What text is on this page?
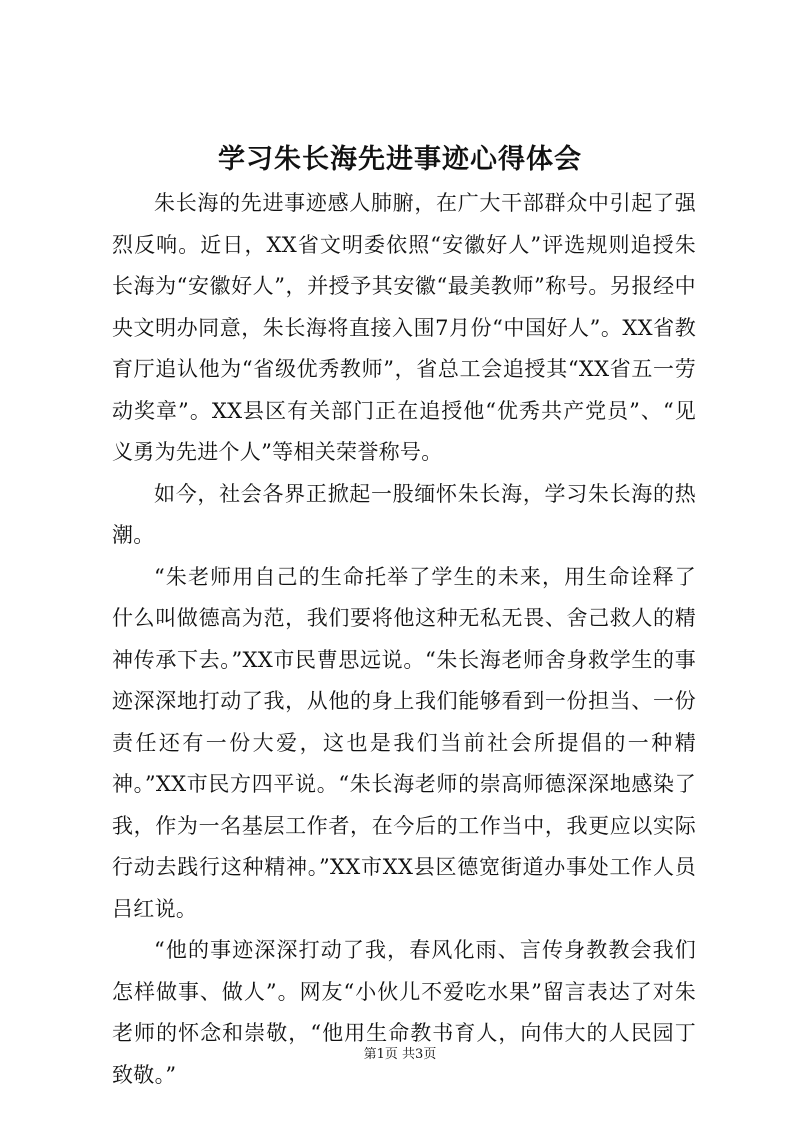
学习朱长海先进事迹心得体会

朱长海的先进事迹感人肺腑，在广大干部群众中引起了强烈反响。近日，XX省文明委依照“安徽好人”评选规则追授朱长海为“安徽好人”，并授予其安徽“最美教师”称号。另报经中央文明办同意，朱长海将直接入围7月份“中国好人”。XX省教育厅追认他为“省级优秀教师”，省总工会追授其“XX省五一劳动奖章”。XX县区有关部门正在追授他“优秀共产党员”、“见义勇为先进个人”等相关荣誉称号。

如今，社会各界正掀起一股缅怀朱长海，学习朱长海的热潮。

“朱老师用自己的生命托举了学生的未来，用生命诠释了什么叫做德高为范，我们要将他这种无私无畏、舍己救人的精神传承下去。”XX市民曹思远说。“朱长海老师舍身救学生的事迹深深地打动了我，从他的身上我们能够看到一份担当、一份责任还有一份大爱，这也是我们当前社会所提倡的一种精神。”XX市民方四平说。“朱长海老师的崇高师德深深地感染了我，作为一名基层工作者，在今后的工作当中，我更应以实际行动去践行这种精神。”XX市XX县区德宽街道办事处工作人员吕红说。

“他的事迹深深打动了我，春风化雨、言传身教教会我们怎样做事、做人”。网友“小伙儿不爱吃水果”留言表达了对朱老师的怀念和崇敬，“他用生命教书育人，向伟大的人民园丁致敬。”

第1页 共3页
